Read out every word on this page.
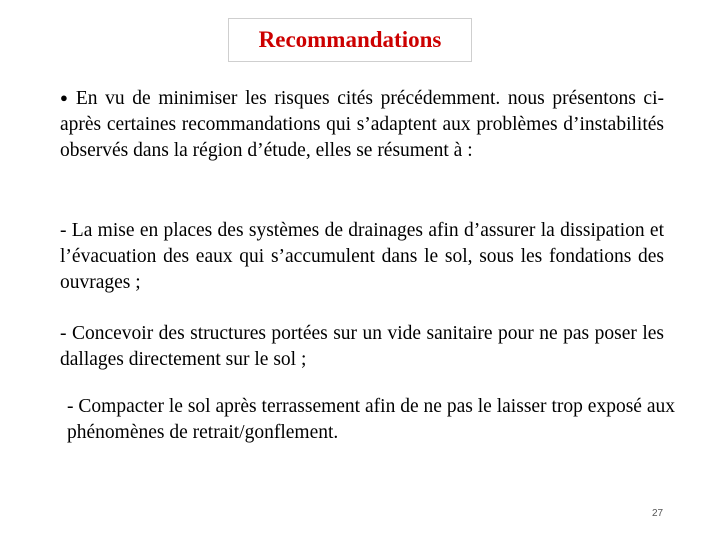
Recommandations

● En vu de minimiser les risques cités précédemment. nous présentons ci-après certaines recommandations qui s’adaptent aux problèmes d’instabilités observés dans la région d’étude, elles se résument à :

- La mise en places des systèmes de drainages afin d’assurer la dissipation et l’évacuation des eaux qui s’accumulent dans le sol, sous les fondations des ouvrages ;

- Concevoir des structures portées sur un vide sanitaire pour ne pas poser les dallages directement sur le sol ;

- Compacter le sol après terrassement afin de ne pas le laisser trop exposé aux phénomènes de retrait/gonflement.

27
